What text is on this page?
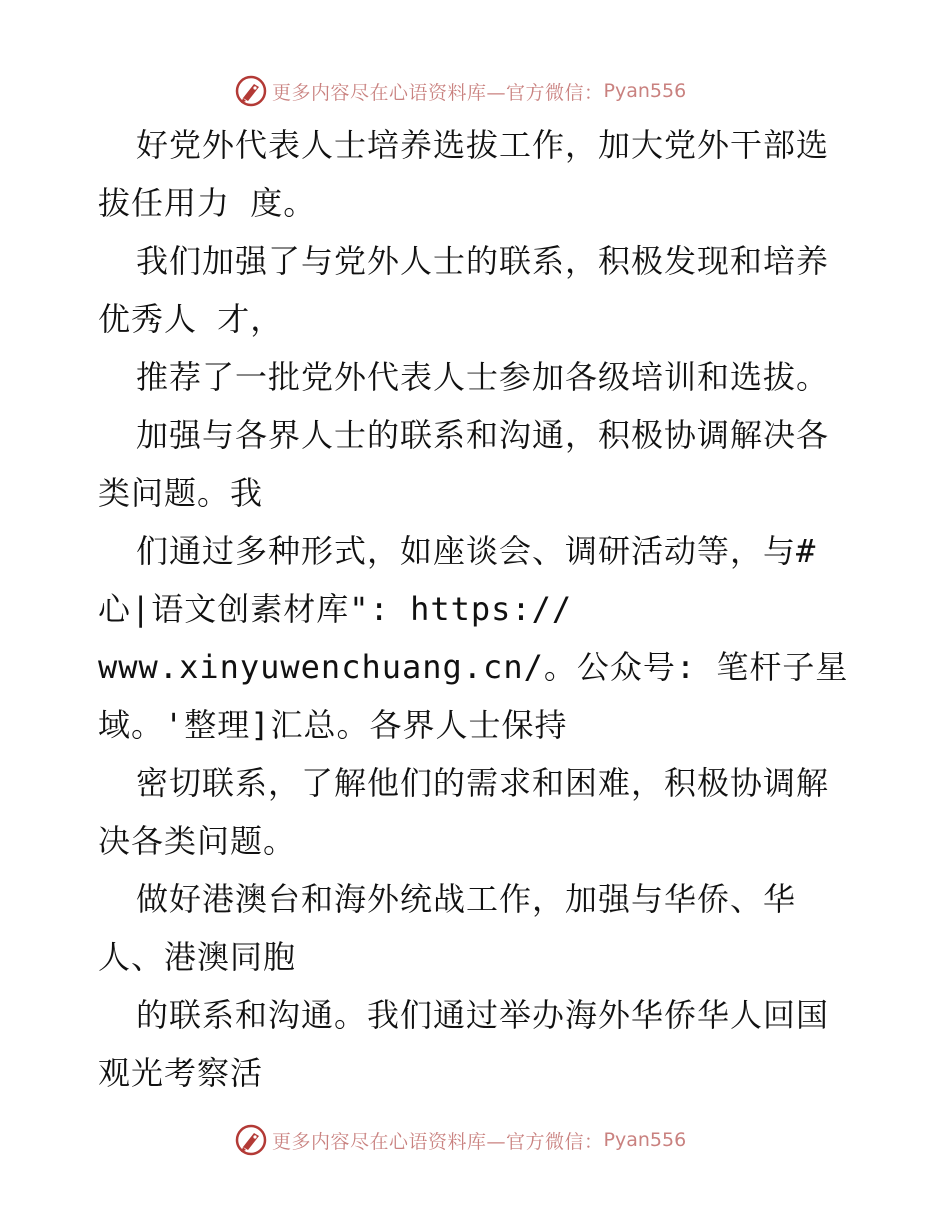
更多内容尽在心语资料库—官方微信： Pyan556
好党外代表人士培养选拔工作，加大党外干部选
拔任用力 度。
我们加强了与党外人士的联系，积极发现和培养
优秀人 才，
推荐了一批党外代表人士参加各级培训和选拔。
加强与各界人士的联系和沟通，积极协调解决各
类问题。我
们通过多种形式，如座谈会、调研活动等，与#
心|语文创素材库": https://
www.xinyuwenchuang.cn/。公众号: 笔杆子星
域。'整理]汇总。各界人士保持
密切联系，了解他们的需求和困难，积极协调解
决各类问题。
做好港澳台和海外统战工作，加强与华侨、华
人、港澳同胞
的联系和沟通。我们通过举办海外华侨华人回国
观光考察活
更多内容尽在心语资料库—官方微信： Pyan556
